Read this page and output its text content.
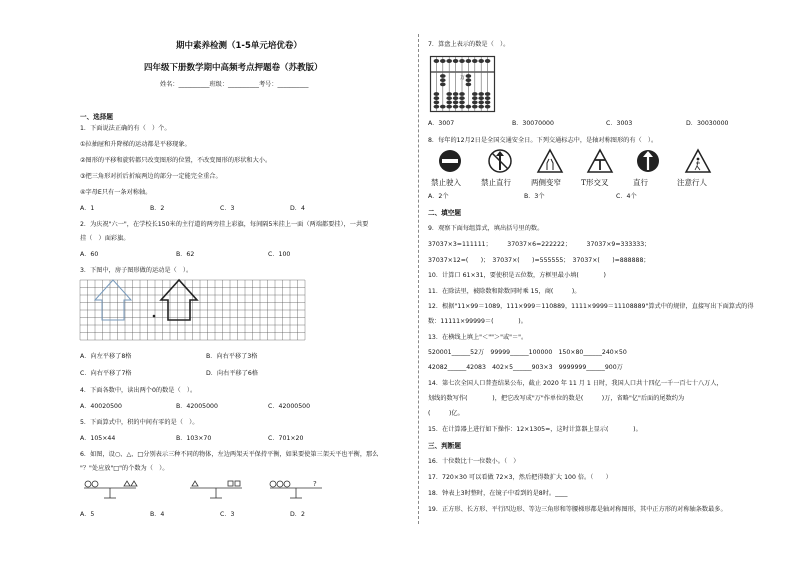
期中素养检测（1-5单元培优卷）
四年级下册数学期中高频考点押题卷（苏教版）
姓名：__________班级：__________考号：__________
一、选择题
1．下面说法正确的有（　）个。
①拉抽屉和升降梯的运动都是平移现象。
②图形的平移和旋转都只改变图形的位置，不改变图形的形状和大小。
③把三角形对折后折痕两边的部分一定能完全重合。
④字母E只有一条对称轴。
A．1	B．2	C．3	D．4
2．为庆祝"六一"，在学校长150米的主行道的两旁挂上彩旗，每间隔5米挂上一面（两端都要挂），一共要
挂（　）面彩旗。
A．60	B．62	C．100
3．下图中，房子图形做的运动是（　）。
A．向左平移了8格	B．向右平移了3格
C．向右平移了7格	D．向右平移了6格
4．下面各数中，读出两个0的数是（　）。
A．40020500	B．42005000	C．42000500
5．下面算式中，积的中间有零的是（　）。
A．105×44	B．103×70	C．701×20
6．如图，设○、△、□分别表示三种不同的物体，左边两架天平保持平衡，如果要使第三架天平也平衡，那么
"？"处应放"□"的个数为（　）。
?
A．5	B．4	C．3	D．2
7．算盘上表示的数是（　）。
万
A．3007	B．30070000	C．3003	D．30030000
8．每年的12月2日是全国交通安全日。下列交通标志中，是轴对称图形的有（　）。
禁止驶入	禁止直行	两侧变窄	T形交叉	直行	注意行人
A．2个	B．3个	C．4个
二、填空题
9．观察下面每组算式，填出括号里的数。
37037×3=111111；　　　37037×6=222222；　　　37037×9=333333；
37037×12=(　　)；　37037×(　　)=555555；　37037×(　　)=888888；
10．计算口 61×31，要使积是五位数，方框里最小填(　　　　)
11．在除法里，被除数和除数同时乘 15，商(　　　)。
12．根据"11×99＝1089，111×999＝110889，1111×9999＝11108889"算式中的规律，直接写出下面算式的得
数：11111×99999＝(　　　　)。
13．在横线上填上"＜""＞"或"＝"。
520001______52万　99999______100000　150×80______240×50
42082______42083　402×5______903×3　9999999______900万
14．第七次全国人口普查结果公布，截止 2020 年 11 月 1 日时，我国人口共十四亿一千一百七十八万人，
划线的数写作(　　　　)，把它改写成"万"作单位的数是(　　　)万，省略"亿"后面的尾数约为
(　　　)亿。
15．在计算器上进行如下操作：12×1305=，这时计算器上显示(　　　　)。
三、判断题
16．十位数比十一位数小。（　）
17．720×30 可以看做 72×3，然后把得数扩大 100 倍。（　　）
18．钟表上3时整时，在镜子中看到的是8时。____
19．正方形、长方形、平行四边形、等边三角形和等腰梯形都是轴对称图形，其中正方形的对称轴条数最多。
